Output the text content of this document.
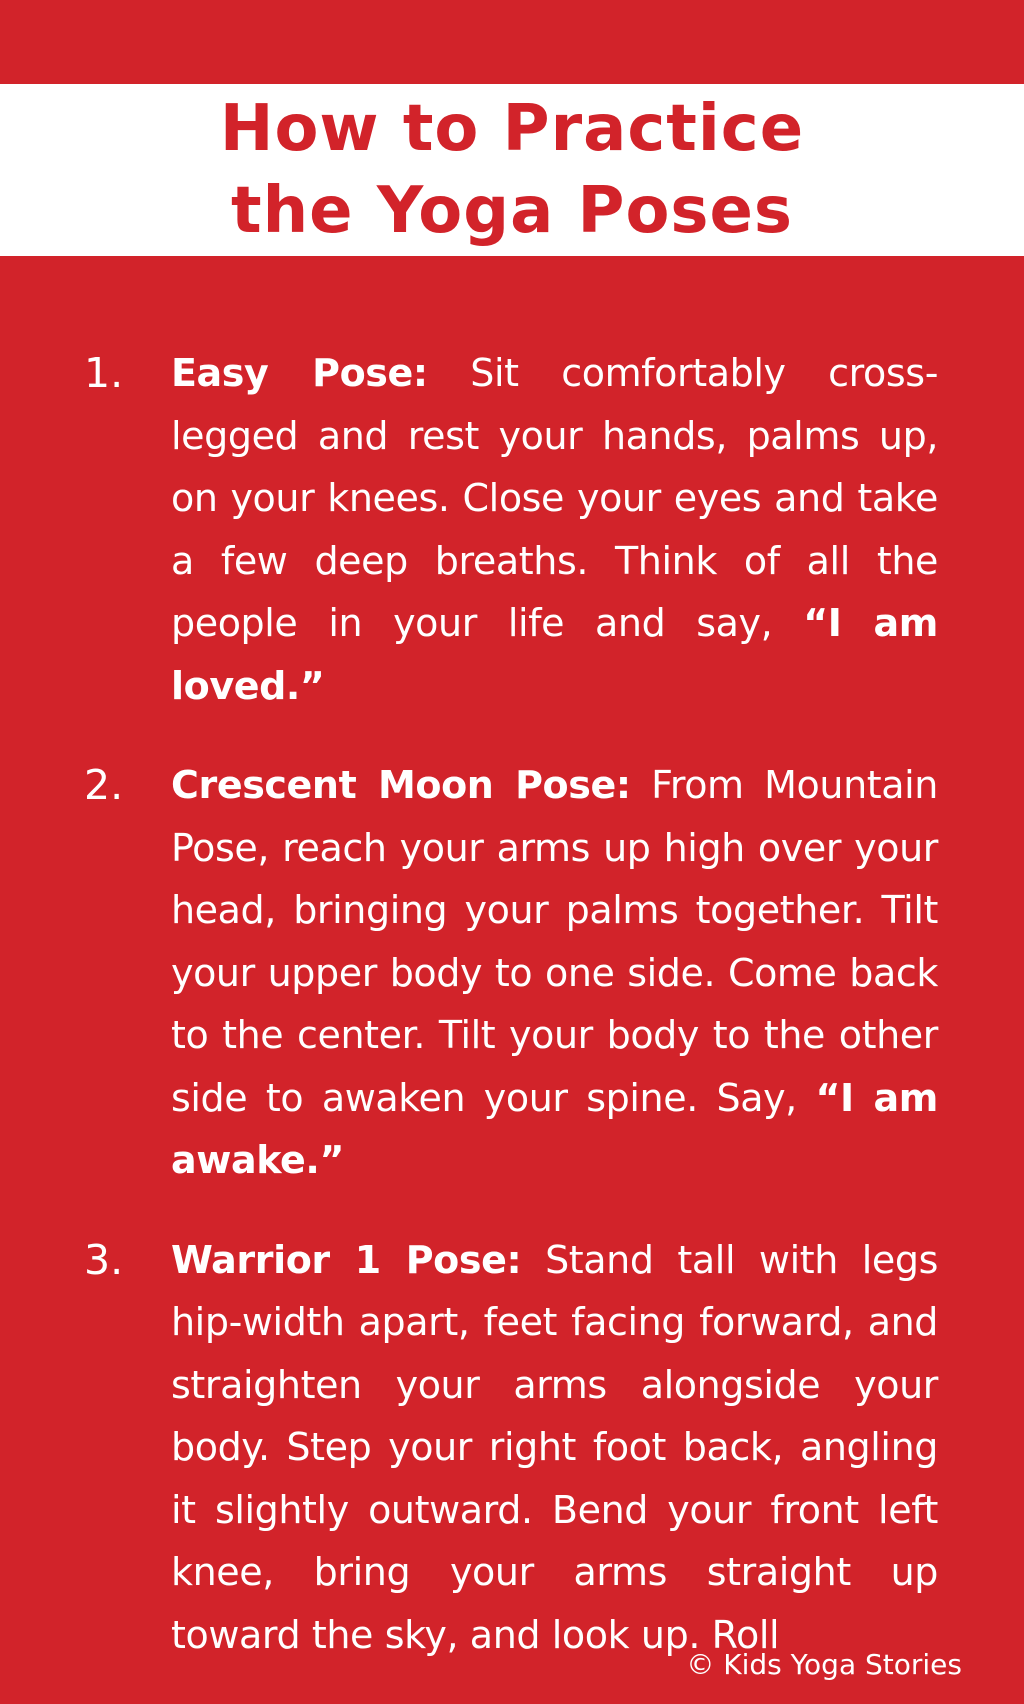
How to Practice
the Yoga Poses
1. Easy Pose: Sit comfortably cross-legged and rest your hands, palms up, on your knees. Close your eyes and take a few deep breaths. Think of all the people in your life and say, “I am loved.”
2. Crescent Moon Pose: From Mountain Pose, reach your arms up high over your head, bringing your palms together. Tilt your upper body to one side. Come back to the center. Tilt your body to the other side to awaken your spine. Say, “I am awake.”
3. Warrior 1 Pose: Stand tall with legs hip-width apart, feet facing forward, and straighten your arms alongside your body. Step your right foot back, angling it slightly outward. Bend your front left knee, bring your arms straight up toward the sky, and look up. Roll
© Kids Yoga Stories
